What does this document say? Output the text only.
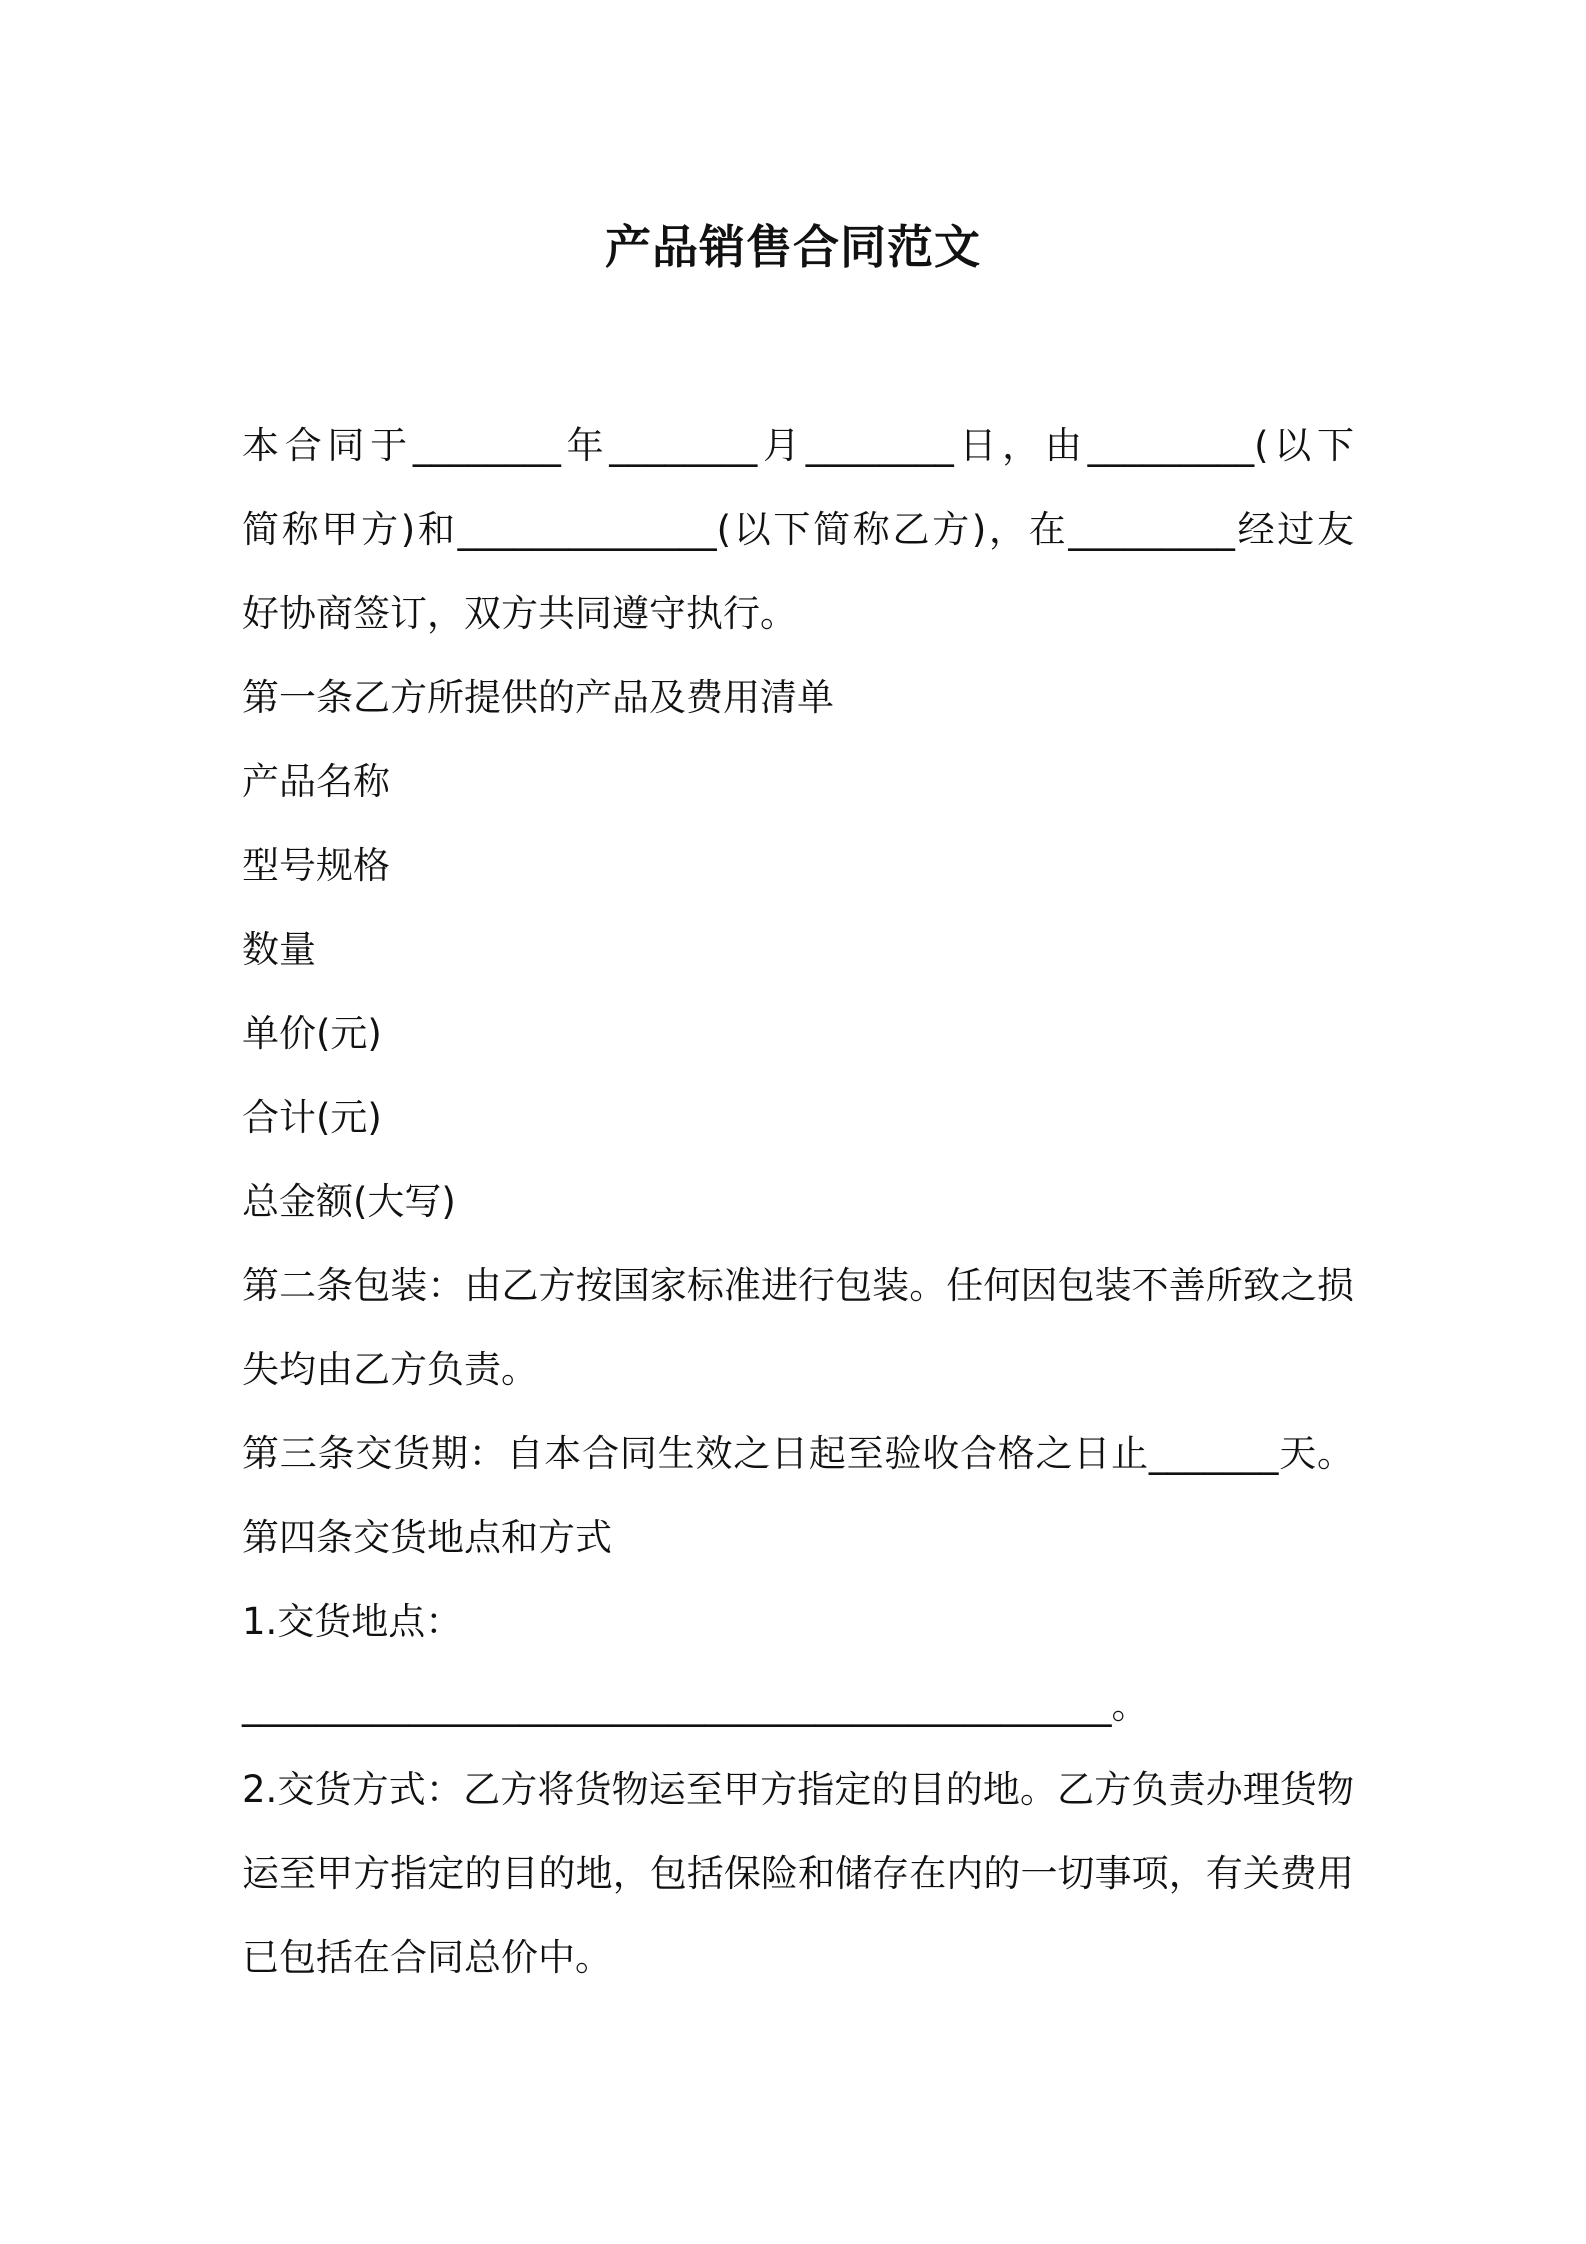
产品销售合同范文
本合同于________年________月________日，由_________(以下
简称甲方)和______________(以下简称乙方)，在_________经过友
好协商签订，双方共同遵守执行。
第一条乙方所提供的产品及费用清单
产品名称
型号规格
数量
单价(元)
合计(元)
总金额(大写)
第二条包装：由乙方按国家标准进行包装。任何因包装不善所致之损
失均由乙方负责。
第三条交货期：自本合同生效之日起至验收合格之日止_______天。
第四条交货地点和方式
1.交货地点：
_______________________________________________。
2.交货方式：乙方将货物运至甲方指定的目的地。乙方负责办理货物
运至甲方指定的目的地，包括保险和储存在内的一切事项，有关费用
已包括在合同总价中。
